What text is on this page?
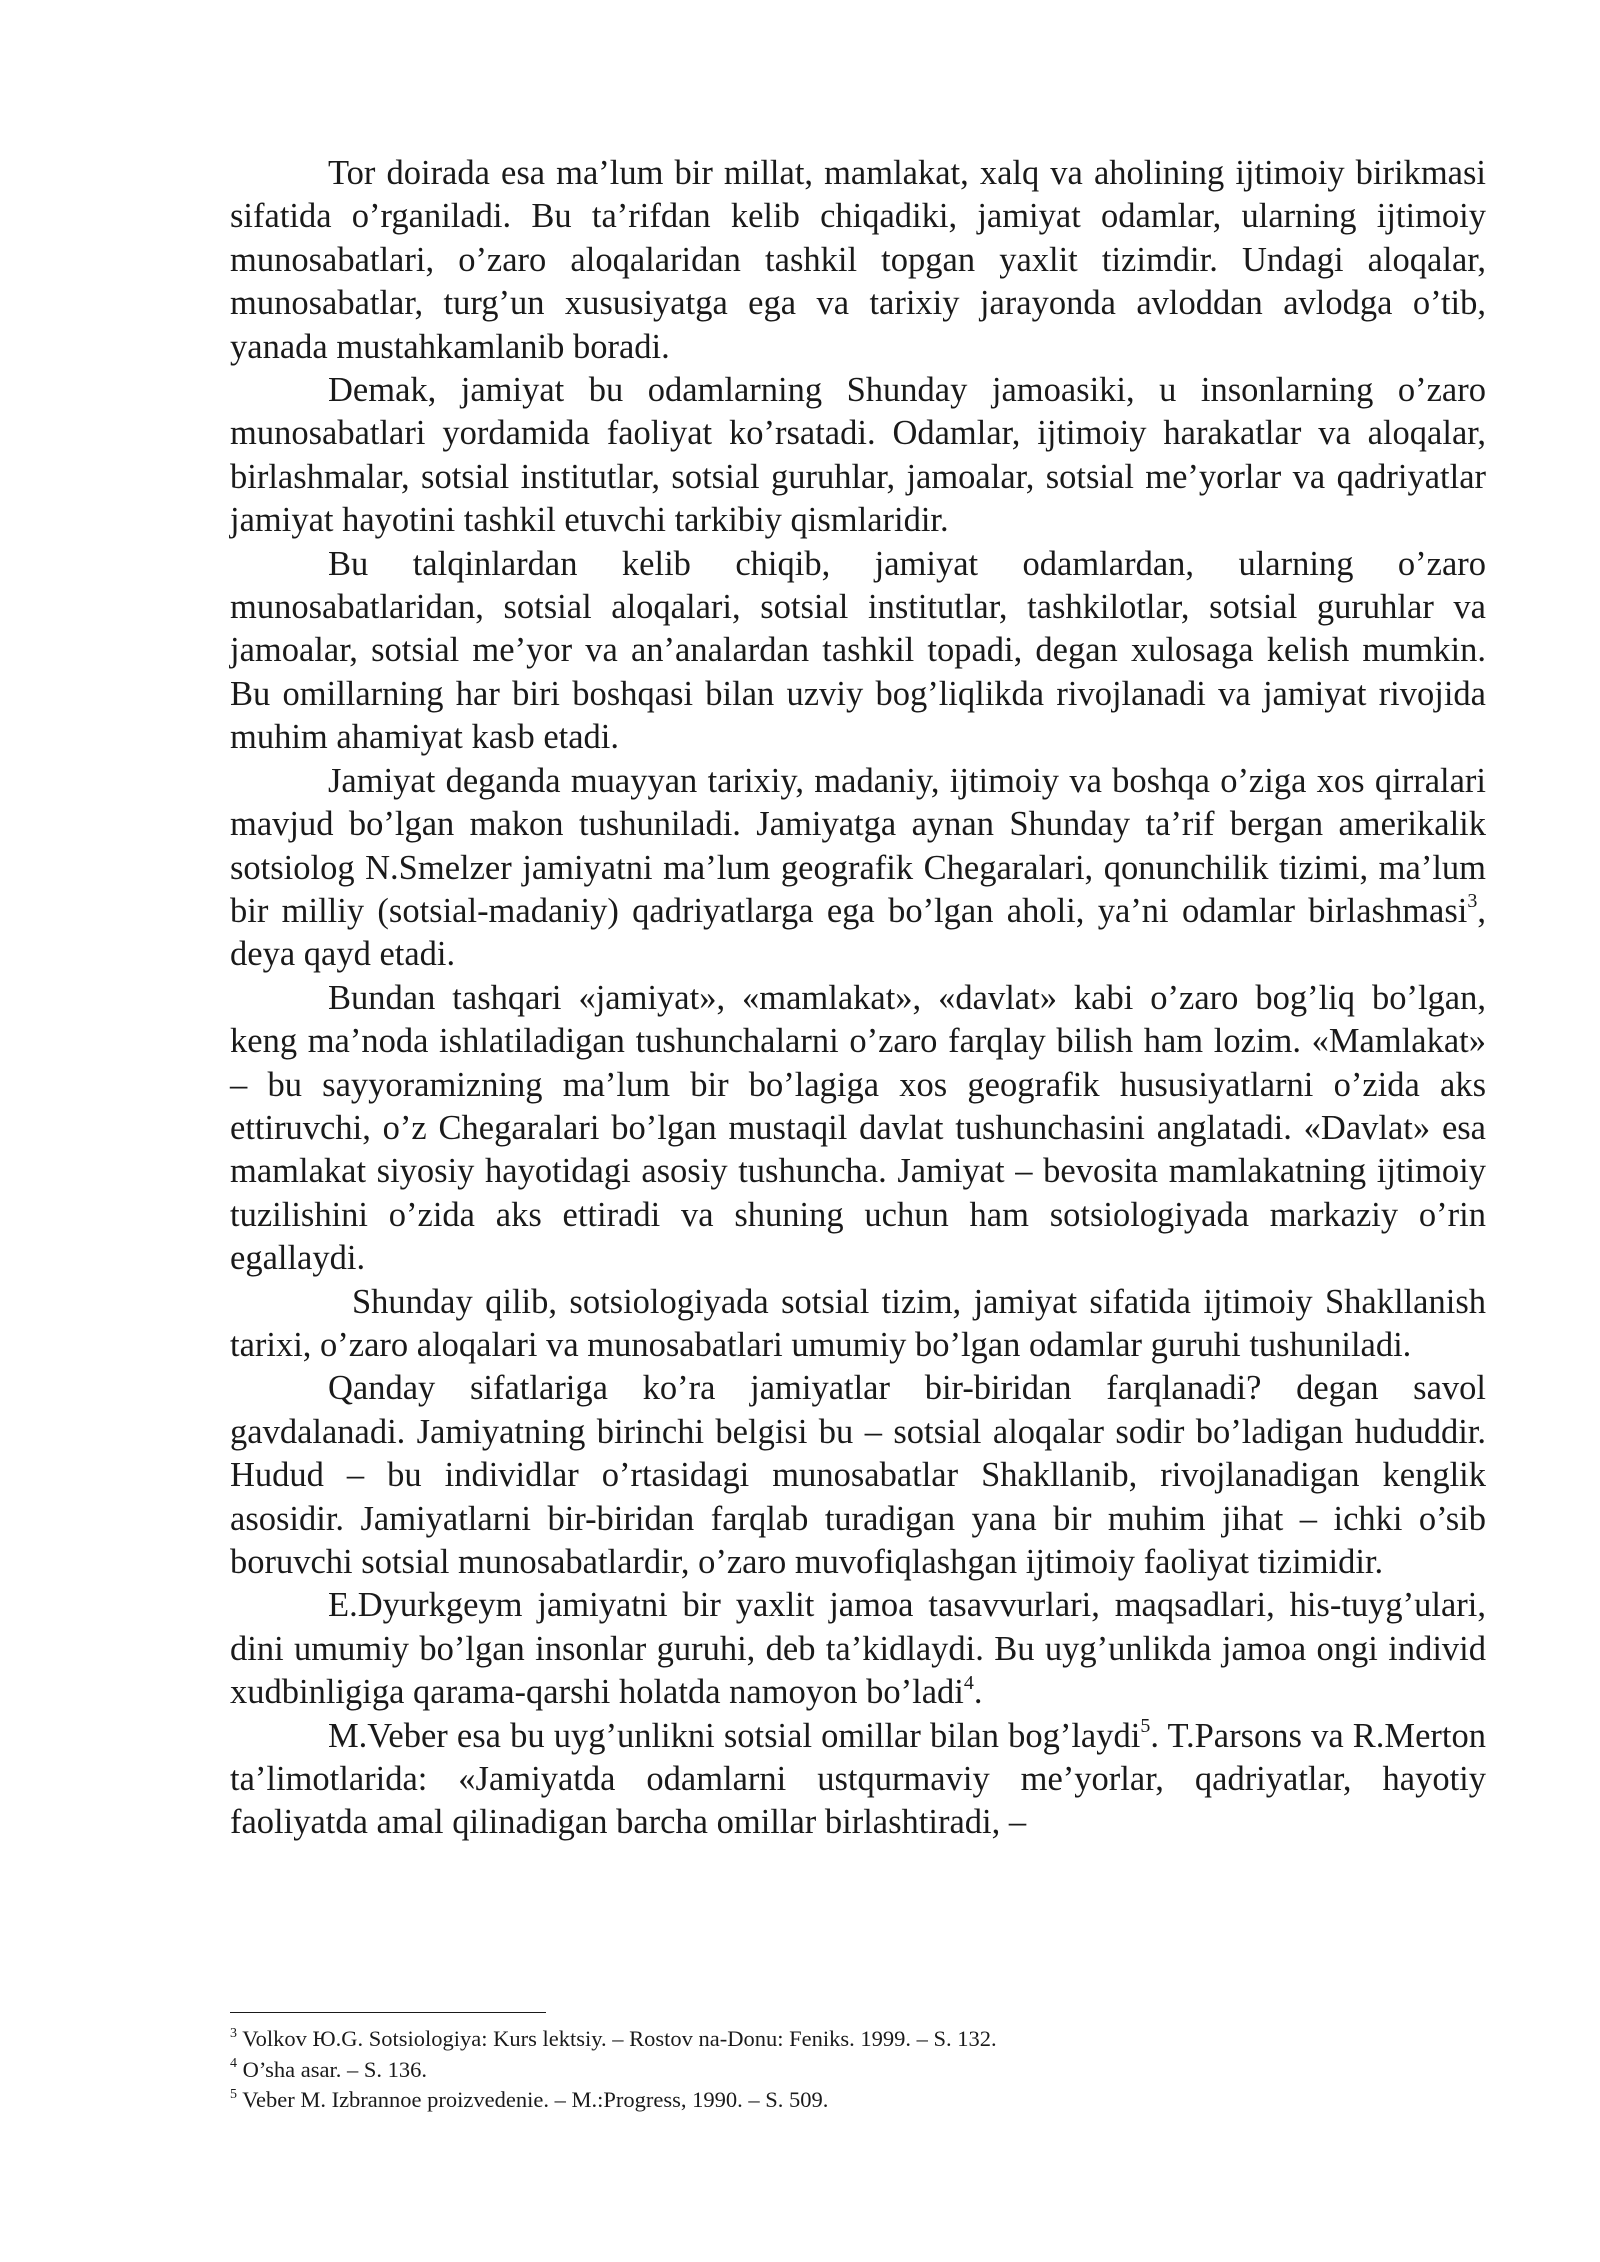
Tor doirada esa ma’lum bir millat, mamlakat, xalq va aholining ijtimoiy birikmasi sifatida o’rganiladi. Bu ta’rifdan kelib chiqadiki, jamiyat odamlar, ularning ijtimoiy munosabatlari, o’zaro aloqalaridan tashkil topgan yaxlit tizimdir. Undagi aloqalar, munosabatlar, turg’un xususiyatga ega va tarixiy jarayonda avloddan avlodga o’tib, yanada mustahkamlanib boradi.

Demak, jamiyat bu odamlarning Shunday jamoasiki, u insonlarning o’zaro munosabatlari yordamida faoliyat ko’rsatadi. Odamlar, ijtimoiy harakatlar va aloqalar, birlashmalar, sotsial institutlar, sotsial guruhlar, jamoalar, sotsial me’yorlar va qadriyatlar jamiyat hayotini tashkil etuvchi tarkibiy qismlaridir.

Bu talqinlardan kelib chiqib, jamiyat odamlardan, ularning o’zaro munosabatlaridan, sotsial aloqalari, sotsial institutlar, tashkilotlar, sotsial guruhlar va jamoalar, sotsial me’yor va an’analardan tashkil topadi, degan xulosaga kelish mumkin. Bu omillarning har biri boshqasi bilan uzviy bog’liqlikda rivojlanadi va jamiyat rivojida muhim ahamiyat kasb etadi.

Jamiyat deganda muayyan tarixiy, madaniy, ijtimoiy va boshqa o’ziga xos qirralari mavjud bo’lgan makon tushuniladi. Jamiyatga aynan Shunday ta’rif bergan amerikalik sotsiolog N.Smelzer jamiyatni ma’lum geografik Chegaralari, qonunchilik tizimi, ma’lum bir milliy (sotsial-madaniy) qadriyatlarga ega bo’lgan aholi, ya’ni odamlar birlashmasi$^3$, deya qayd etadi.

Bundan tashqari «jamiyat», «mamlakat», «davlat» kabi o’zaro bog’liq bo’lgan, keng ma’noda ishlatiladigan tushunchalarni o’zaro farqlay bilish ham lozim. «Mamlakat» – bu sayyoramizning ma’lum bir bo’lagiga xos geografik hususiyatlarni o’zida aks ettiruvchi, o’z Chegaralari bo’lgan mustaqil davlat tushunchasini anglatadi. «Davlat» esa mamlakat siyosiy hayotidagi asosiy tushuncha. Jamiyat – bevosita mamlakatning ijtimoiy tuzilishini o’zida aks ettiradi va shuning uchun ham sotsiologiyada markaziy o’rin egallaydi.

Shunday qilib, sotsiologiyada sotsial tizim, jamiyat sifatida ijtimoiy Shakllanish tarixi, o’zaro aloqalari va munosabatlari umumiy bo’lgan odamlar guruhi tushuniladi.

Qanday sifatlariga ko’ra jamiyatlar bir-biridan farqlanadi? degan savol gavdalanadi. Jamiyatning birinchi belgisi bu – sotsial aloqalar sodir bo’ladigan hududdir. Hudud – bu individlar o’rtasidagi munosabatlar Shakllanib, rivojlanadigan kenglik asosidir. Jamiyatlarni bir-biridan farqlab turadigan yana bir muhim jihat – ichki o’sib boruvchi sotsial munosabatlardir, o’zaro muvofiqlashgan ijtimoiy faoliyat tizimidir.

E.Dyurkgeym jamiyatni bir yaxlit jamoa tasavvurlari, maqsadlari, his-tuyg’ulari, dini umumiy bo’lgan insonlar guruhi, deb ta’kidlaydi. Bu uyg’unlikda jamoa ongi individ xudbinligiga qarama-qarshi holatda namoyon bo’ladi$^4$.

M.Veber esa bu uyg’unlikni sotsial omillar bilan bog’laydi$^5$. T.Parsons va R.Merton ta’limotlarida: «Jamiyatda odamlarni ustqurmaviy me’yorlar, qadriyatlar, hayotiy faoliyatda amal qilinadigan barcha omillar birlashtiradi, –

$^3$ Volkov Ю.G. Sotsiologiya: Kurs lektsiy. – Rostov na-Donu: Feniks. 1999. – S. 132.
$^4$ O’sha asar. – S. 136.
$^5$ Veber M. Izbrannoe proizvedenie. – M.:Progress, 1990. – S. 509.
